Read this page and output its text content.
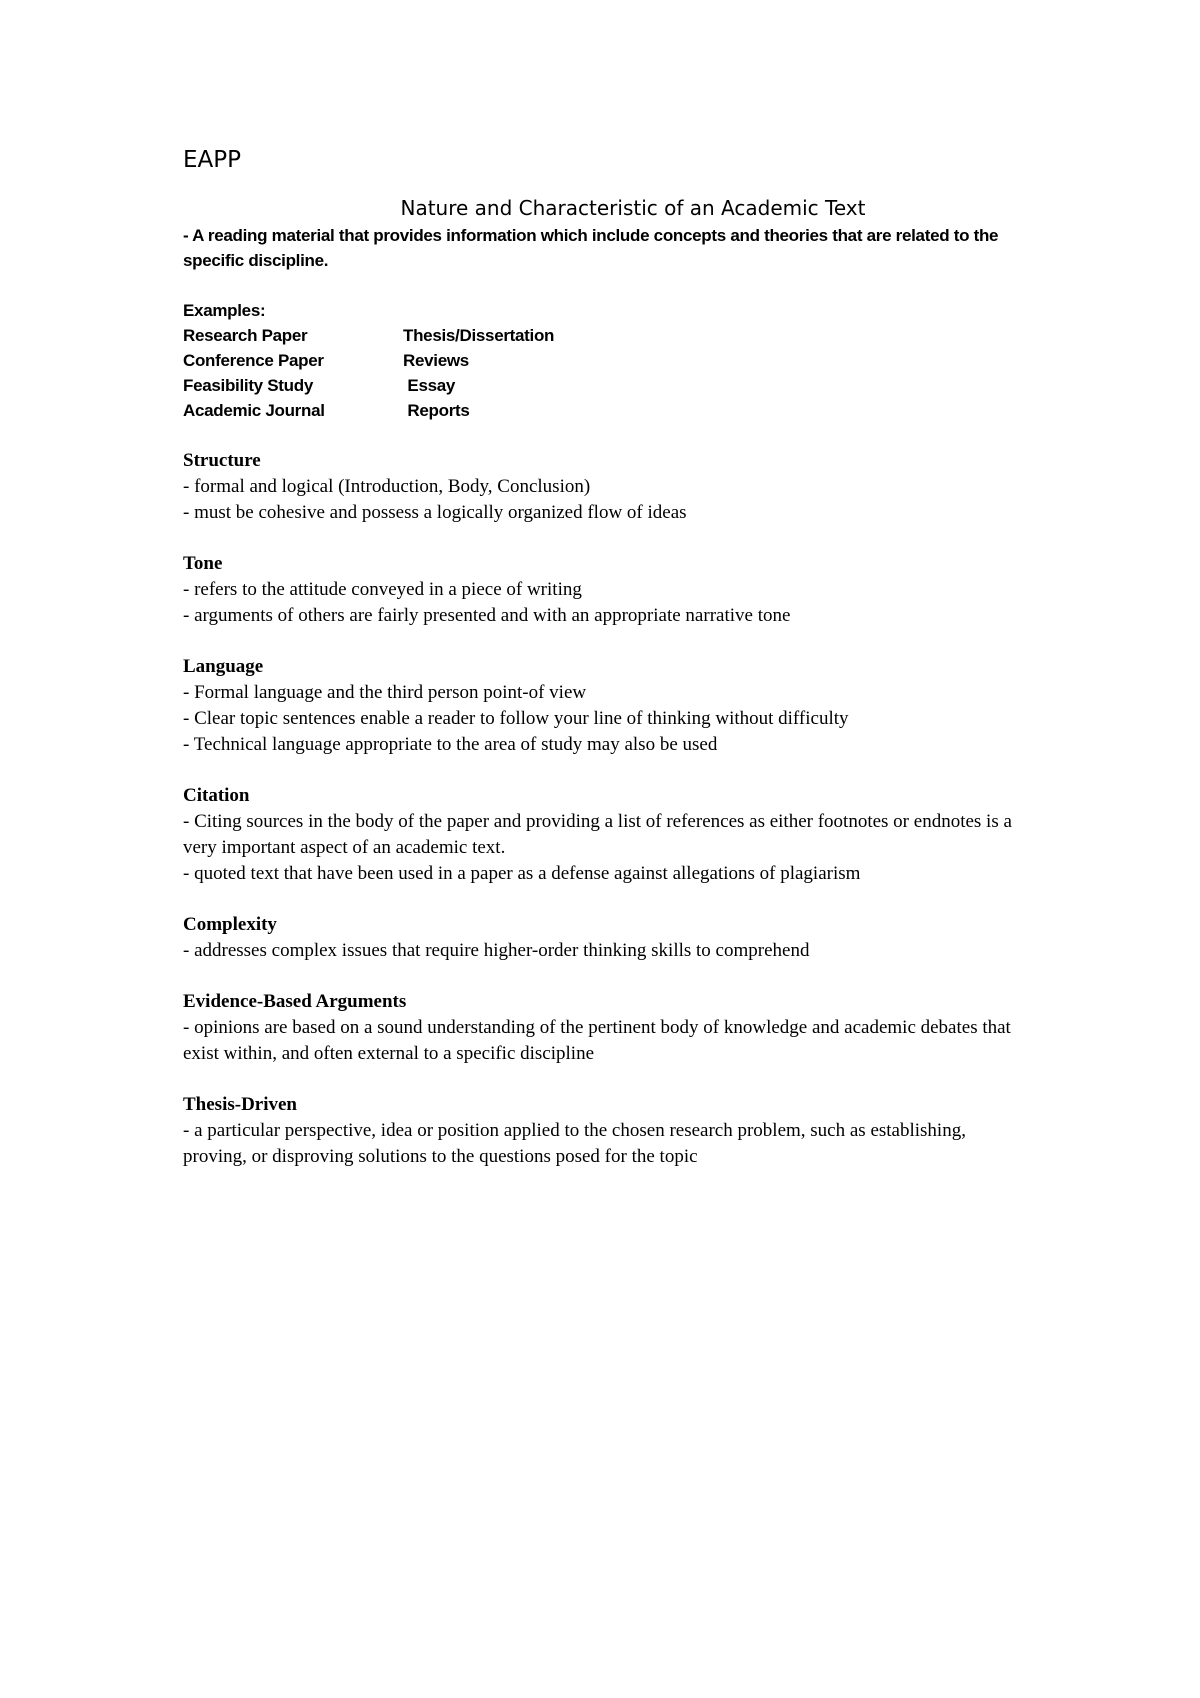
EAPP

Nature and Characteristic of an Academic Text

- A reading material that provides information which include concepts and theories that are related to the specific discipline.

Examples:
Research Paper	Thesis/Dissertation
Conference Paper	Reviews
Feasibility Study	Essay
Academic Journal	Reports

Structure

- formal and logical (Introduction, Body, Conclusion)

- must be cohesive and possess a logically organized flow of ideas

Tone

- refers to the attitude conveyed in a piece of writing

- arguments of others are fairly presented and with an appropriate narrative tone

Language

- Formal language and the third person point-of view

- Clear topic sentences enable a reader to follow your line of thinking without difficulty

- Technical language appropriate to the area of study may also be used

Citation

- Citing sources in the body of the paper and providing a list of references as either footnotes or endnotes is a very important aspect of an academic text.

- quoted text that have been used in a paper as a defense against allegations of plagiarism

Complexity

- addresses complex issues that require higher-order thinking skills to comprehend

Evidence-Based Arguments

- opinions are based on a sound understanding of the pertinent body of knowledge and academic debates that exist within, and often external to a specific discipline

Thesis-Driven

- a particular perspective, idea or position applied to the chosen research problem, such as establishing, proving, or disproving solutions to the questions posed for the topic
